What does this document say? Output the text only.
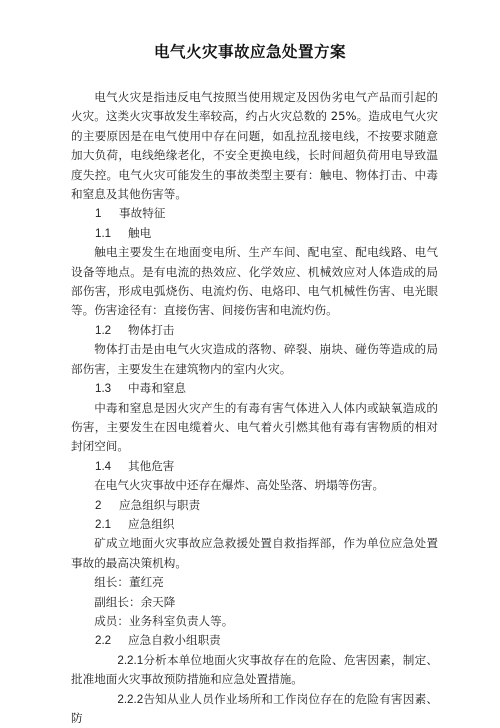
电气火灾事故应急处置方案

电气火灾是指违反电气按照当使用规定及因伪劣电气产品而引起的火灾。这类火灾事故发生率较高，约占火灾总数的 25%。造成电气火灾的主要原因是在电气使用中存在问题，如乱拉乱接电线，不按要求随意加大负荷，电线绝缘老化，不安全更换电线，长时间超负荷用电导致温度失控。电气火灾可能发生的事故类型主要有：触电、物体打击、中毒和窒息及其他伤害等。

1 事故特征

1.1 触电

触电主要发生在地面变电所、生产车间、配电室、配电线路、电气设备等地点。是有电流的热效应、化学效应、机械效应对人体造成的局部伤害，形成电弧烧伤、电流灼伤、电烙印、电气机械性伤害、电光眼等。伤害途径有：直接伤害、间接伤害和电流灼伤。

1.2 物体打击

物体打击是由电气火灾造成的落物、碎裂、崩块、碰伤等造成的局部伤害，主要发生在建筑物内的室内火灾。

1.3 中毒和窒息

中毒和窒息是因火灾产生的有毒有害气体进入人体内或缺氧造成的伤害，主要发生在因电缆着火、电气着火引燃其他有毒有害物质的相对封闭空间。

1.4 其他危害

在电气火灾事故中还存在爆炸、高处坠落、坍塌等伤害。

2 应急组织与职责

2.1 应急组织

矿成立地面火灾事故应急救援处置自救指挥部，作为单位应急处置事故的最高决策机构。

组长：董红亮

副组长：余天降

成员：业务科室负责人等。

2.2 应急自救小组职责

2.2.1分析本单位地面火灾事故存在的危险、危害因素，制定、批准地面火灾事故预防措施和应急处置措施。

2.2.2告知从业人员作业场所和工作岗位存在的危险有害因素、防
